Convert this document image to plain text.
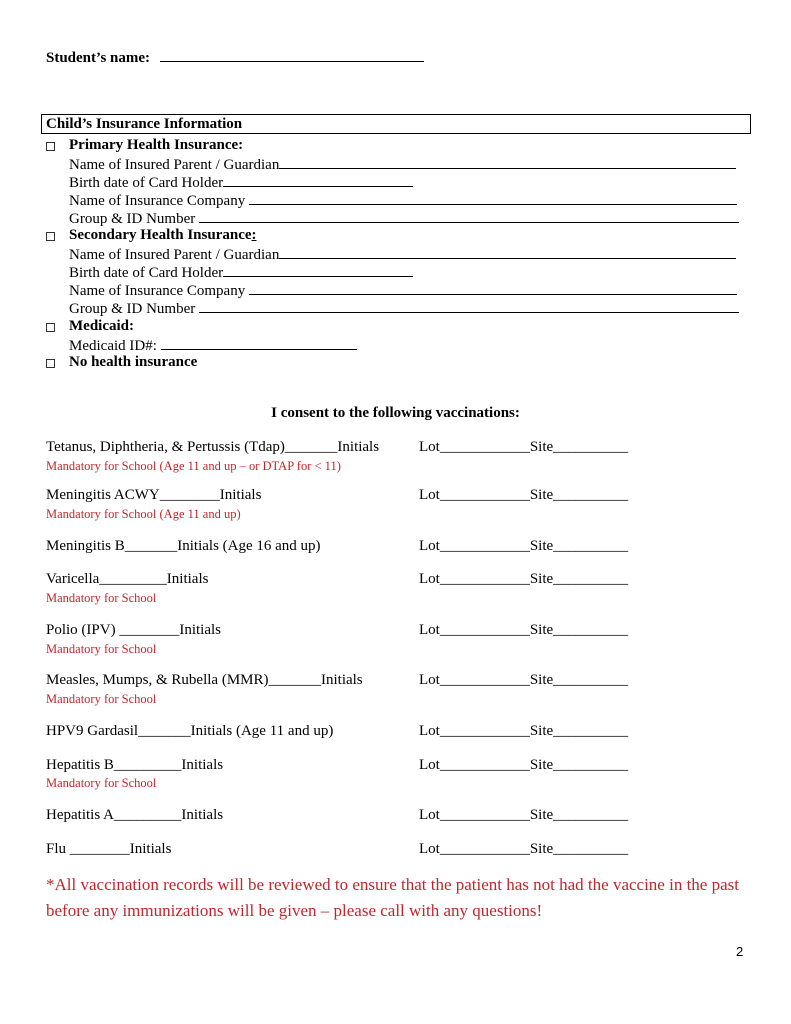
Student’s name:
Child’s Insurance Information
Primary Health Insurance:
Name of Insured Parent / Guardian
Birth date of Card Holder
Name of Insurance Company
Group & ID Number
Secondary Health Insurance:
Name of Insured Parent / Guardian
Birth date of Card Holder
Name of Insurance Company
Group & ID Number
Medicaid:
Medicaid ID#:
No health insurance
I consent to the following vaccinations:
Tetanus, Diphtheria, & Pertussis (Tdap)_______Initials	Lot____________Site__________
Mandatory for School (Age 11 and up – or DTAP for < 11)
Meningitis ACWY________Initials	Lot____________Site__________
Mandatory for School (Age 11 and up)
Meningitis B_______Initials (Age 16 and up)	Lot____________Site__________
Varicella_________Initials	Lot____________Site__________
Mandatory for School
Polio (IPV) ________Initials	Lot____________Site__________
Mandatory for School
Measles, Mumps, & Rubella (MMR)_______Initials	Lot____________Site__________
Mandatory for School
HPV9 Gardasil_______Initials (Age 11 and up)	Lot____________Site__________
Hepatitis B_________Initials	Lot____________Site__________
Mandatory for School
Hepatitis A_________Initials	Lot____________Site__________
Flu ________Initials	Lot____________Site__________
*All vaccination records will be reviewed to ensure that the patient has not had the vaccine in the past before any immunizations will be given – please call with any questions!
2
